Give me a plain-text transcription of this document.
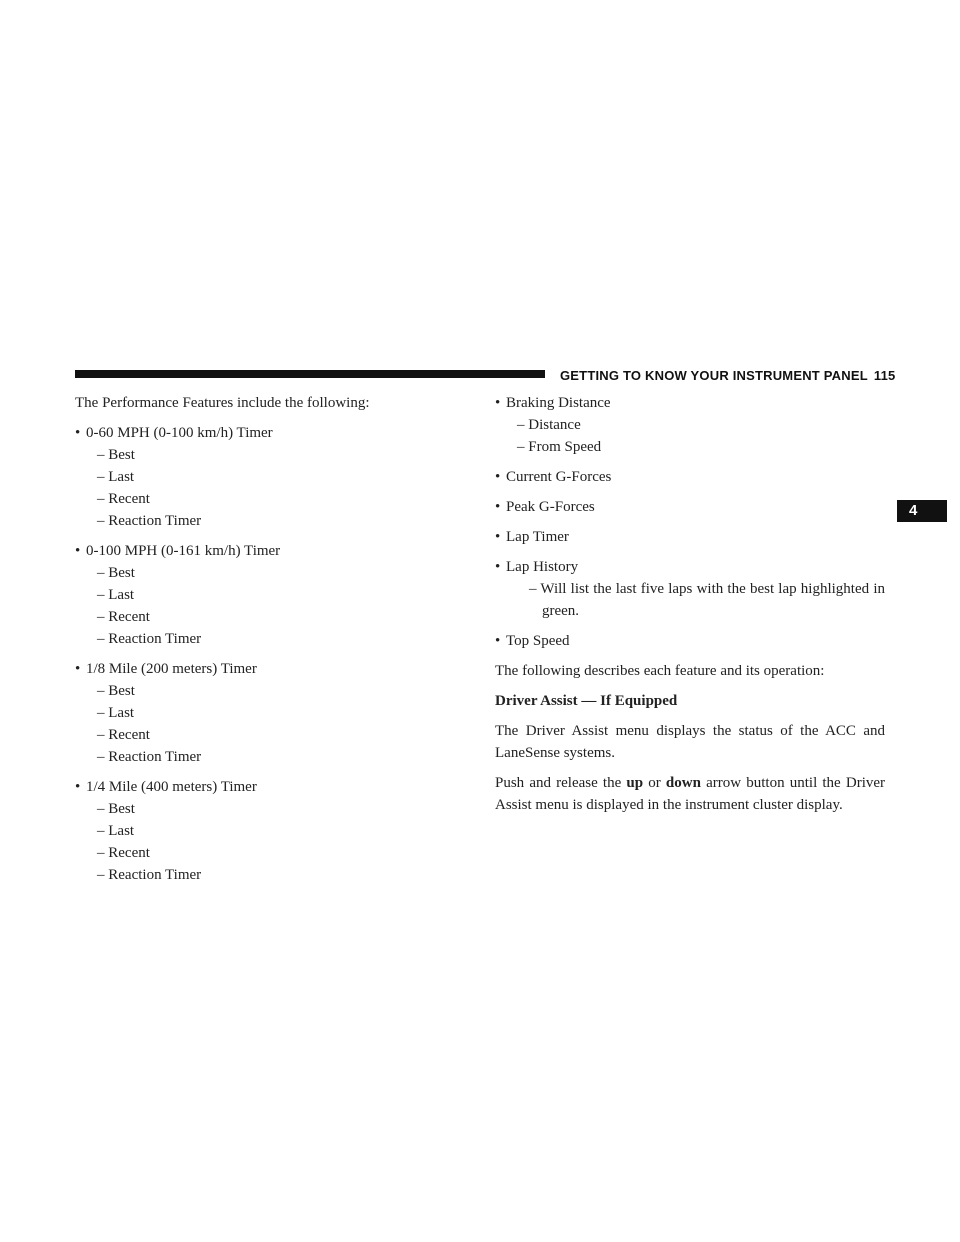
GETTING TO KNOW YOUR INSTRUMENT PANEL 115
4

The Performance Features include the following:

• 0-60 MPH (0-100 km/h) Timer
– Best
– Last
– Recent
– Reaction Timer
• 0-100 MPH (0-161 km/h) Timer
– Best
– Last
– Recent
– Reaction Timer
• 1/8 Mile (200 meters) Timer
– Best
– Last
– Recent
– Reaction Timer
• 1/4 Mile (400 meters) Timer
– Best
– Last
– Recent
– Reaction Timer
• Braking Distance
– Distance
– From Speed
• Current G-Forces
• Peak G-Forces
• Lap Timer
• Lap History
– Will list the last five laps with the best lap highlighted in green.
• Top Speed

The following describes each feature and its operation:

Driver Assist — If Equipped

The Driver Assist menu displays the status of the ACC and LaneSense systems.

Push and release the up or down arrow button until the Driver Assist menu is displayed in the instrument cluster display.
